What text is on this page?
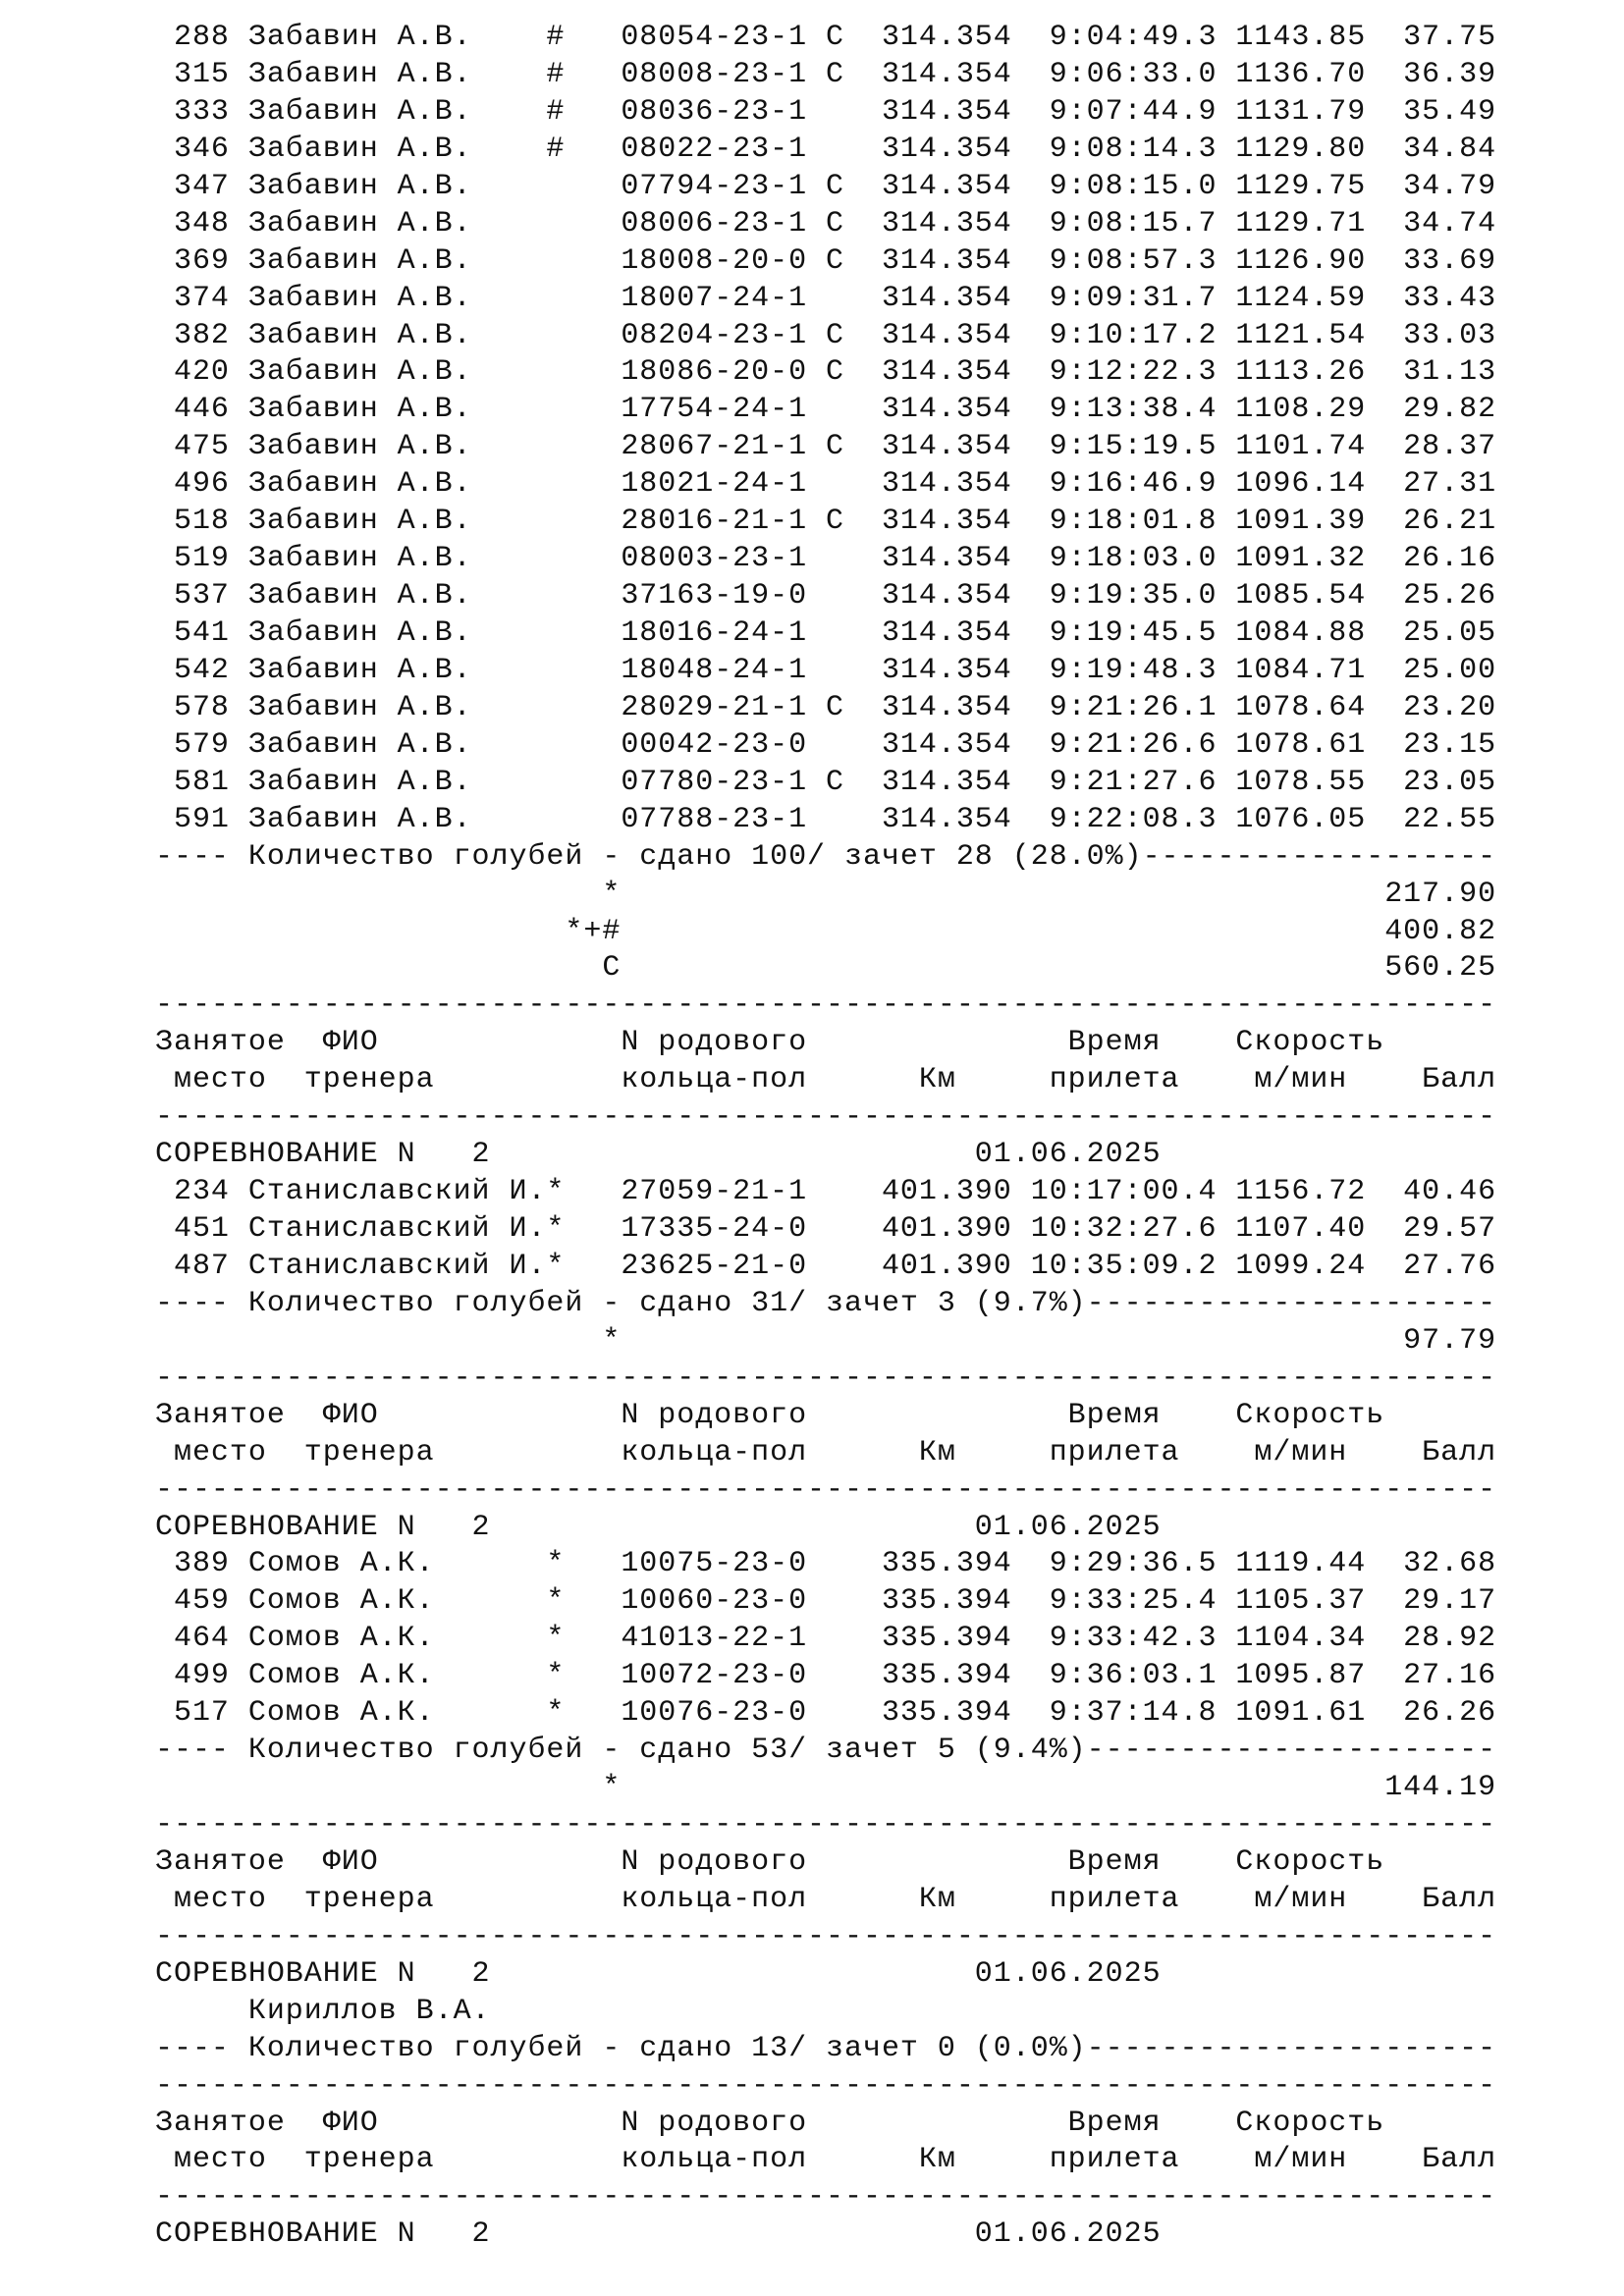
288 Забавин А.В.    #   08054-23-1 С  314.354  9:04:49.3 1143.85  37.75
315 Забавин А.В.    #   08008-23-1 С  314.354  9:06:33.0 1136.70  36.39
333 Забавин А.В.    #   08036-23-1    314.354  9:07:44.9 1131.79  35.49
346 Забавин А.В.    #   08022-23-1    314.354  9:08:14.3 1129.80  34.84
347 Забавин А.В.        07794-23-1 С  314.354  9:08:15.0 1129.75  34.79
348 Забавин А.В.        08006-23-1 С  314.354  9:08:15.7 1129.71  34.74
369 Забавин А.В.        18008-20-0 С  314.354  9:08:57.3 1126.90  33.69
374 Забавин А.В.        18007-24-1    314.354  9:09:31.7 1124.59  33.43
382 Забавин А.В.        08204-23-1 С  314.354  9:10:17.2 1121.54  33.03
420 Забавин А.В.        18086-20-0 С  314.354  9:12:22.3 1113.26  31.13
446 Забавин А.В.        17754-24-1    314.354  9:13:38.4 1108.29  29.82
475 Забавин А.В.        28067-21-1 С  314.354  9:15:19.5 1101.74  28.37
496 Забавин А.В.        18021-24-1    314.354  9:16:46.9 1096.14  27.31
518 Забавин А.В.        28016-21-1 С  314.354  9:18:01.8 1091.39  26.21
519 Забавин А.В.        08003-23-1    314.354  9:18:03.0 1091.32  26.16
537 Забавин А.В.        37163-19-0    314.354  9:19:35.0 1085.54  25.26
541 Забавин А.В.        18016-24-1    314.354  9:19:45.5 1084.88  25.05
542 Забавин А.В.        18048-24-1    314.354  9:19:48.3 1084.71  25.00
578 Забавин А.В.        28029-21-1 С  314.354  9:21:26.1 1078.64  23.20
579 Забавин А.В.        00042-23-0    314.354  9:21:26.6 1078.61  23.15
581 Забавин А.В.        07780-23-1 С  314.354  9:21:27.6 1078.55  23.05
591 Забавин А.В.        07788-23-1    314.354  9:22:08.3 1076.05  22.55
---- Количество голубей - сдано 100/ зачет 28 (28.0%)-------------------
*                                         217.90
*+#                                         400.82
С                                         560.25
------------------------------------------------------------------------
Занятое  ФИО             N родового              Время    Скорость
место  тренера          кольца-пол      Км     прилета    м/мин    Балл
------------------------------------------------------------------------
СОРЕВНОВАНИЕ N   2                          01.06.2025
234 Станиславский И.*   27059-21-1    401.390 10:17:00.4 1156.72  40.46
451 Станиславский И.*   17335-24-0    401.390 10:32:27.6 1107.40  29.57
487 Станиславский И.*   23625-21-0    401.390 10:35:09.2 1099.24  27.76
---- Количество голубей - сдано 31/ зачет 3 (9.7%)----------------------
*                                          97.79
------------------------------------------------------------------------
Занятое  ФИО             N родового              Время    Скорость
место  тренера          кольца-пол      Км     прилета    м/мин    Балл
------------------------------------------------------------------------
СОРЕВНОВАНИЕ N   2                          01.06.2025
389 Сомов А.К.      *   10075-23-0    335.394  9:29:36.5 1119.44  32.68
459 Сомов А.К.      *   10060-23-0    335.394  9:33:25.4 1105.37  29.17
464 Сомов А.К.      *   41013-22-1    335.394  9:33:42.3 1104.34  28.92
499 Сомов А.К.      *   10072-23-0    335.394  9:36:03.1 1095.87  27.16
517 Сомов А.К.      *   10076-23-0    335.394  9:37:14.8 1091.61  26.26
---- Количество голубей - сдано 53/ зачет 5 (9.4%)----------------------
*                                         144.19
------------------------------------------------------------------------
Занятое  ФИО             N родового              Время    Скорость
место  тренера          кольца-пол      Км     прилета    м/мин    Балл
------------------------------------------------------------------------
СОРЕВНОВАНИЕ N   2                          01.06.2025
Кириллов В.А.
---- Количество голубей - сдано 13/ зачет 0 (0.0%)----------------------
------------------------------------------------------------------------
Занятое  ФИО             N родового              Время    Скорость
место  тренера          кольца-пол      Км     прилета    м/мин    Балл
------------------------------------------------------------------------
СОРЕВНОВАНИЕ N   2                          01.06.2025
